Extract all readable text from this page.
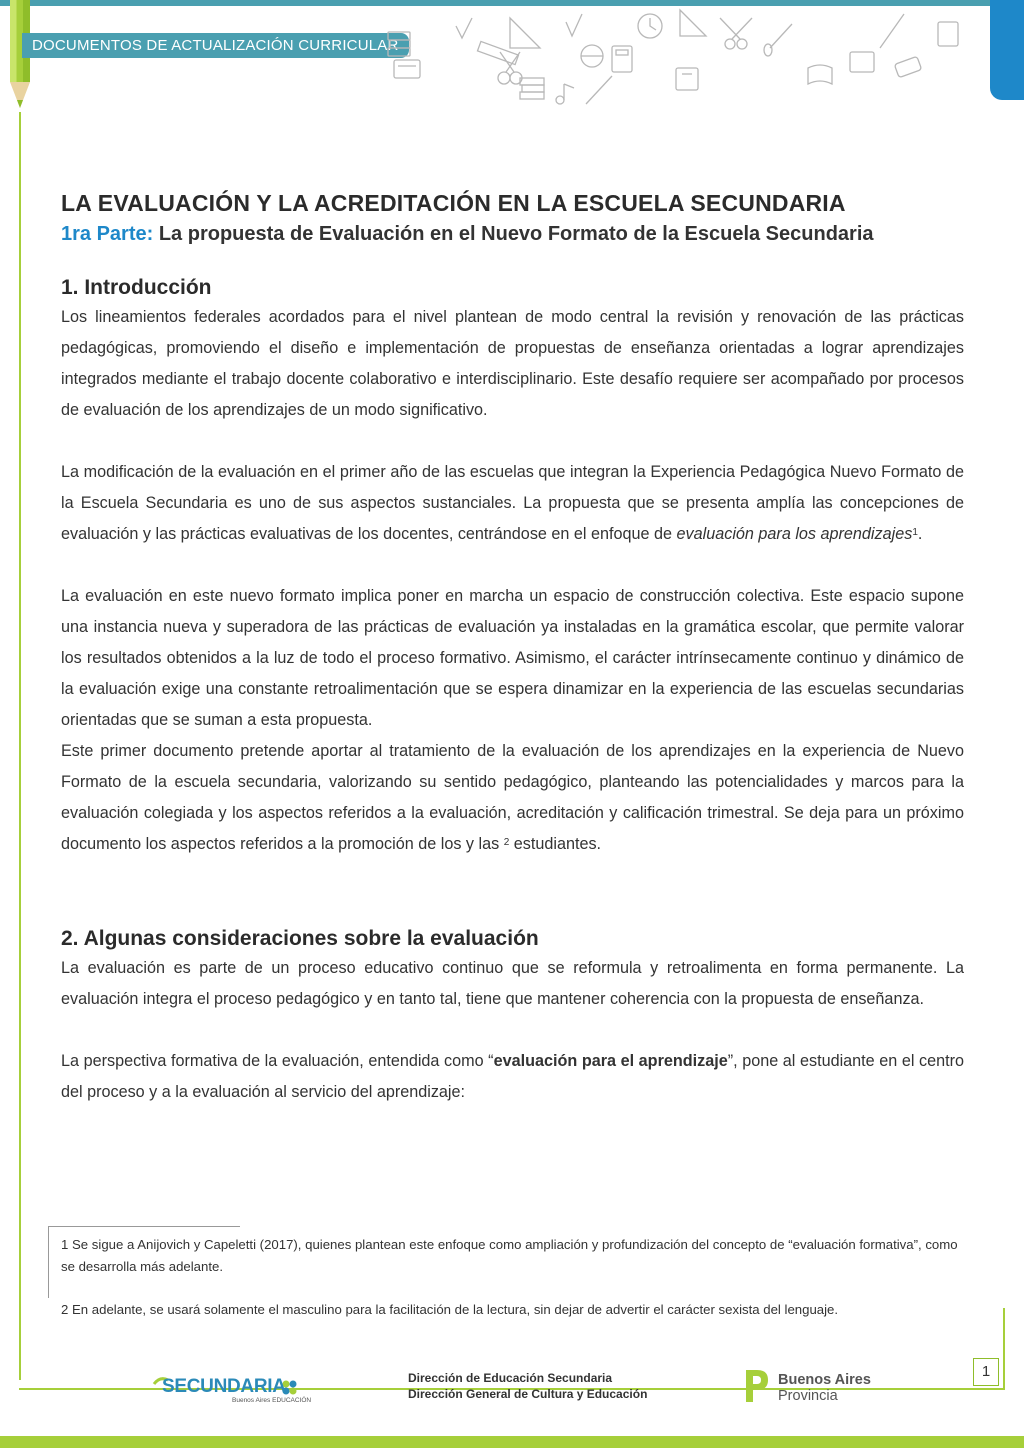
DOCUMENTOS DE ACTUALIZACIÓN CURRICULAR
LA EVALUACIÓN Y LA ACREDITACIÓN EN LA ESCUELA SECUNDARIA
1ra Parte: La propuesta de Evaluación en el Nuevo Formato de la Escuela Secundaria
1. Introducción

Los lineamientos federales acordados para el nivel plantean de modo central la revisión y renovación de las prácticas pedagógicas, promoviendo el diseño e implementación de propuestas de enseñanza orientadas a lograr aprendizajes integrados mediante el trabajo docente colaborativo e interdisciplinario. Este desafío requiere ser acompañado por procesos de evaluación de los aprendizajes de un modo significativo.

La modificación de la evaluación en el primer año de las escuelas que integran la Experiencia Pedagógica Nuevo Formato de la Escuela Secundaria es uno de sus aspectos sustanciales. La propuesta que se presenta amplía las concepciones de evaluación y las prácticas evaluativas de los docentes, centrándose en el enfoque de evaluación para los aprendizajes$^1$.

La evaluación en este nuevo formato implica poner en marcha un espacio de construcción colectiva. Este espacio supone una instancia nueva y superadora de las prácticas de evaluación ya instaladas en la gramática escolar, que permite valorar los resultados obtenidos a la luz de todo el proceso formativo. Asimismo, el carácter intrínsecamente continuo y dinámico de la evaluación exige una constante retroalimentación que se espera dinamizar en la experiencia de las escuelas secundarias orientadas que se suman a esta propuesta.

Este primer documento pretende aportar al tratamiento de la evaluación de los aprendizajes en la experiencia de Nuevo Formato de la escuela secundaria, valorizando su sentido pedagógico, planteando las potencialidades y marcos para la evaluación colegiada y los aspectos referidos a la evaluación, acreditación y calificación trimestral. Se deja para un próximo documento los aspectos referidos a la promoción de los y las $^2$ estudiantes.

2. Algunas consideraciones sobre la evaluación

La evaluación es parte de un proceso educativo continuo que se reformula y retroalimenta en forma permanente. La evaluación integra el proceso pedagógico y en tanto tal, tiene que mantener coherencia con la propuesta de enseñanza.

La perspectiva formativa de la evaluación, entendida como “evaluación para el aprendizaje”, pone al estudiante en el centro del proceso y a la evaluación al servicio del aprendizaje:

1 Se sigue a Anijovich y Capeletti (2017), quienes plantean este enfoque como ampliación y profundización del concepto de “evaluación formativa”, como se desarrolla más adelante.
2 En adelante, se usará solamente el masculino para la facilitación de la lectura, sin dejar de advertir el carácter sexista del lenguaje.
1
SECUNDARIA
Buenos Aires EDUCACIÓN
Dirección de Educación Secundaria
Dirección General de Cultura y Educación
Buenos Aires
Provincia
